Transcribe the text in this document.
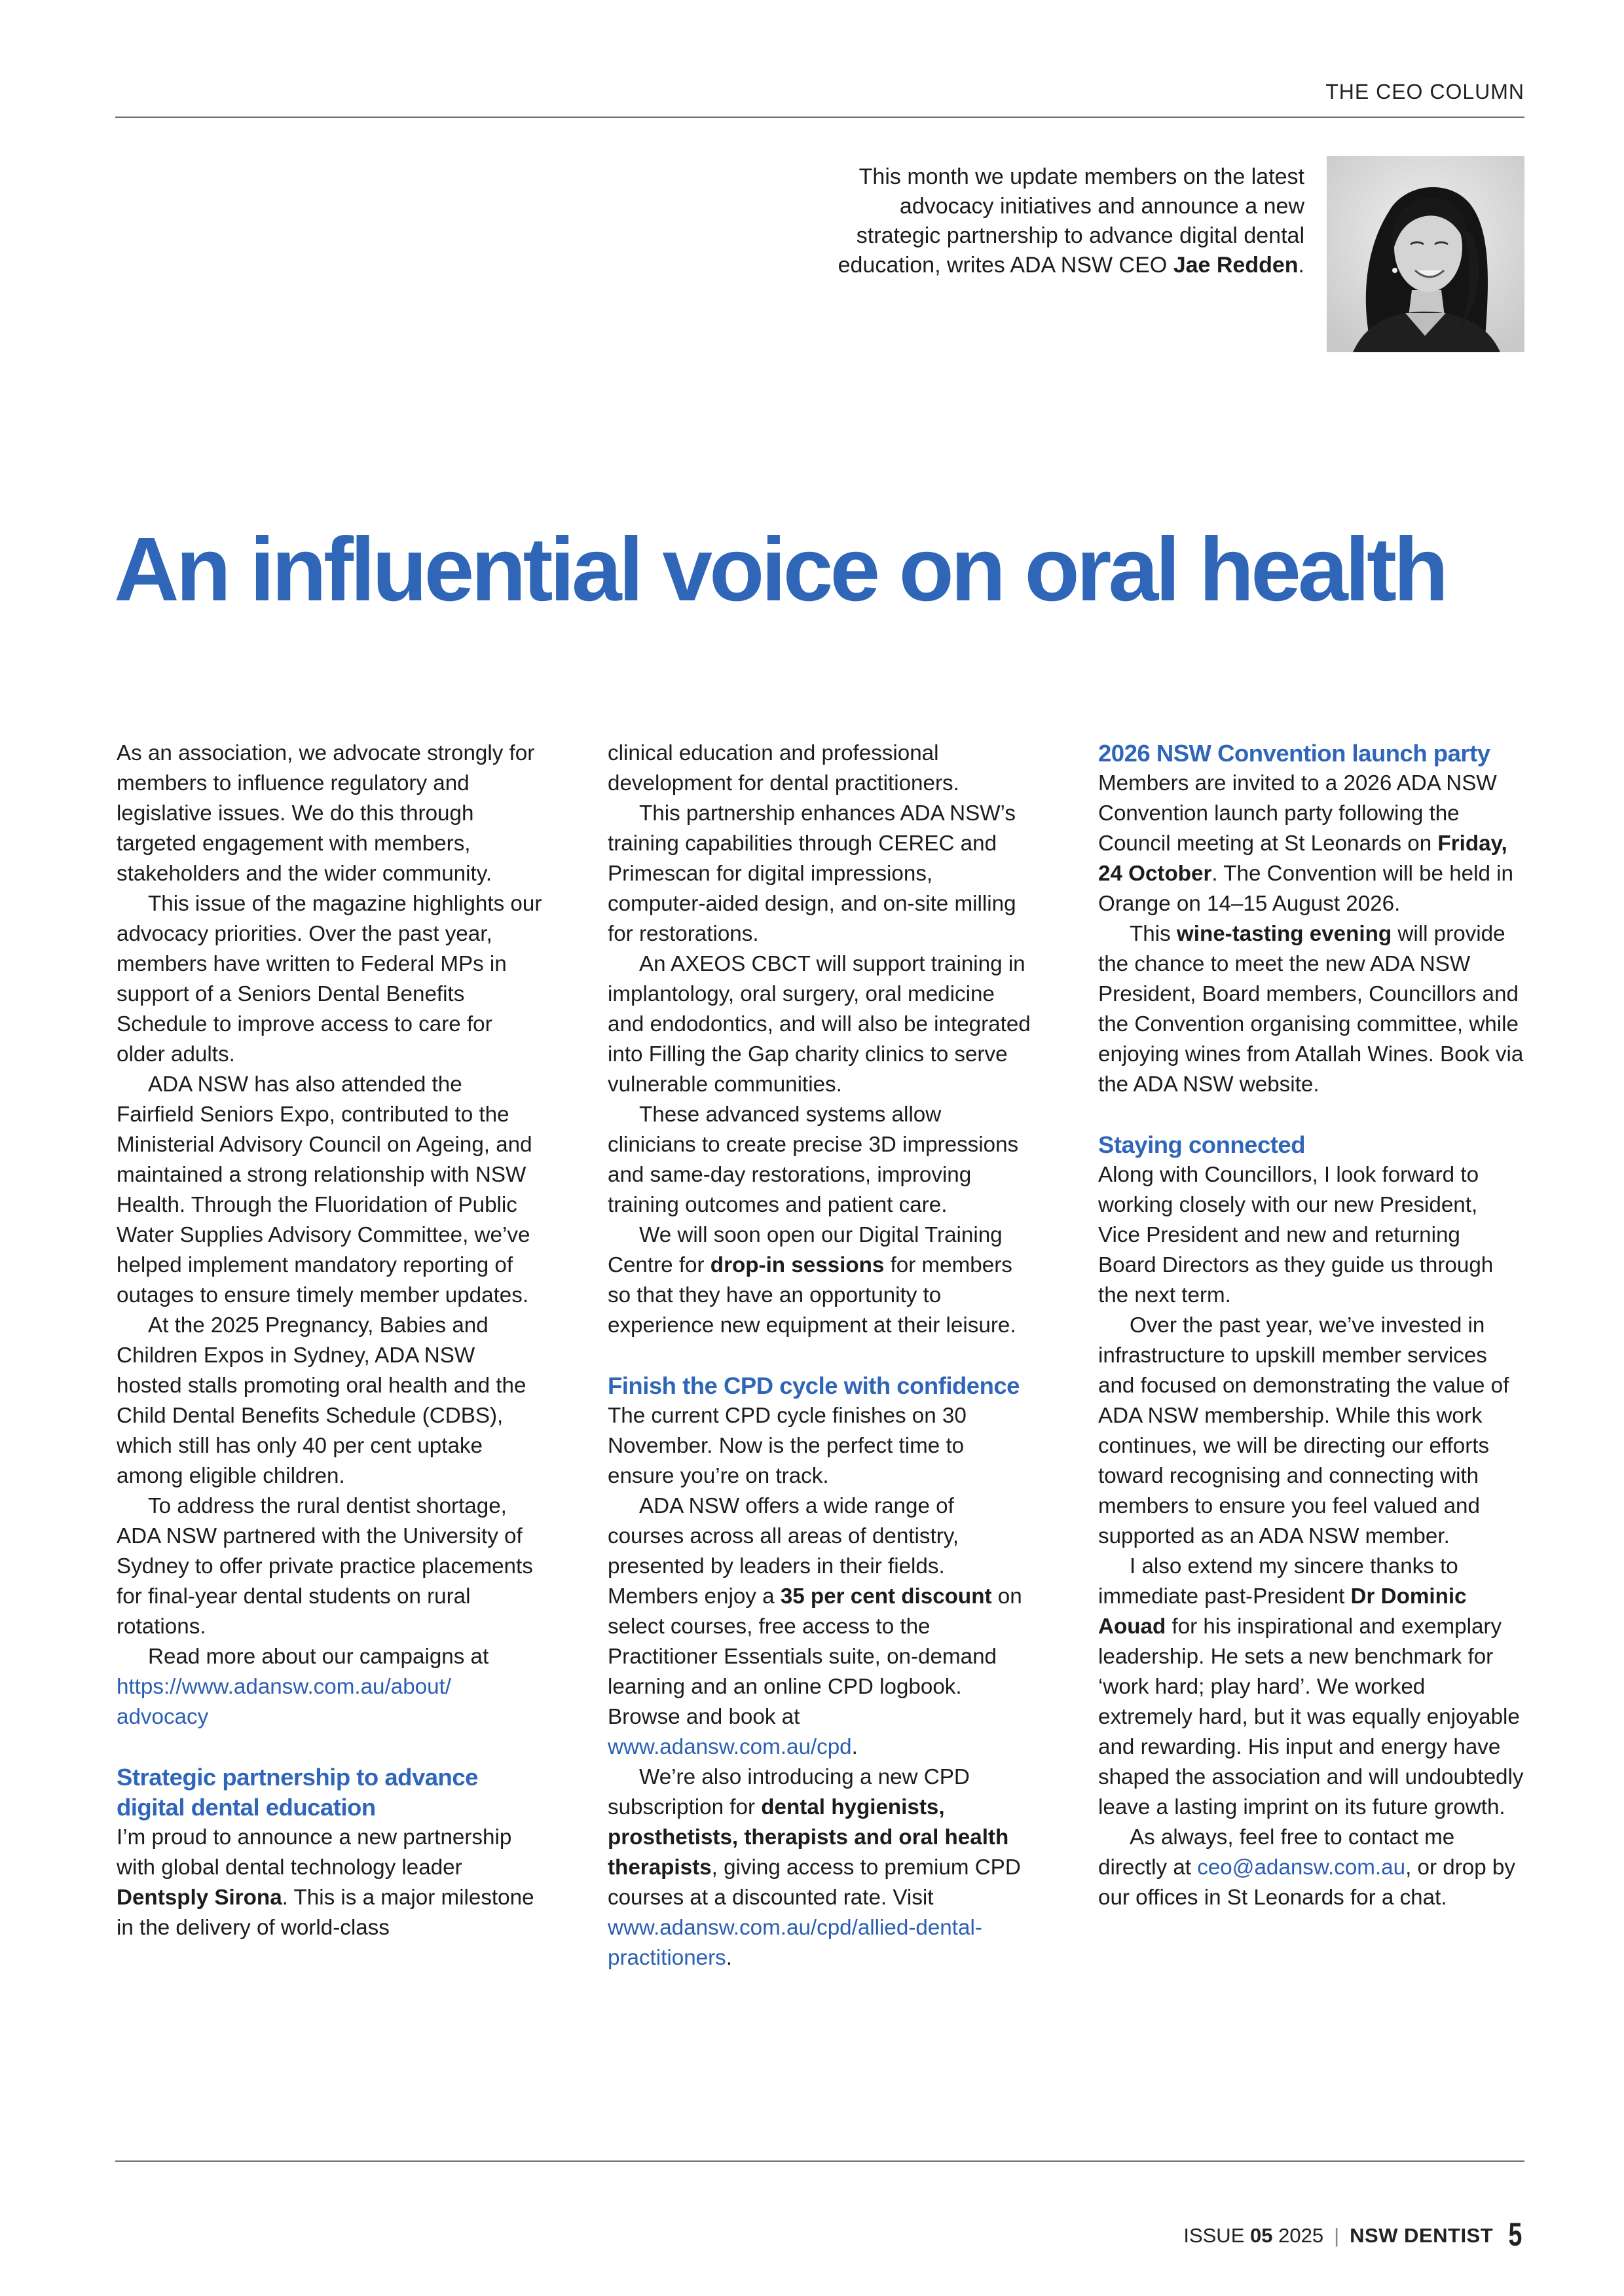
THE CEO COLUMN
This month we update members on the latest
advocacy initiatives and announce a new
strategic partnership to advance digital dental
education, writes ADA NSW CEO Jae Redden.
An influential voice on oral health

As an association, we advocate strongly for members to influence regulatory and legislative issues. We do this through targeted engagement with members, stakeholders and the wider community.

This issue of the magazine highlights our advocacy priorities. Over the past year, members have written to Federal MPs in support of a Seniors Dental Benefits Schedule to improve access to care for older adults.

ADA NSW has also attended the Fairfield Seniors Expo, contributed to the Ministerial Advisory Council on Ageing, and maintained a strong relationship with NSW Health. Through the Fluoridation of Public Water Supplies Advisory Committee, we’ve helped implement mandatory reporting of outages to ensure timely member updates.

At the 2025 Pregnancy, Babies and Children Expos in Sydney, ADA NSW hosted stalls promoting oral health and the Child Dental Benefits Schedule (CDBS), which still has only 40 per cent uptake among eligible children.

To address the rural dentist shortage, ADA NSW partnered with the University of Sydney to offer private practice placements for final-year dental students on rural rotations.

Read more about our campaigns at https://www.adansw.com.au/about/
advocacy

Strategic partnership to advance digital dental education

I’m proud to announce a new partnership with global dental technology leader Dentsply Sirona. This is a major milestone in the delivery of world-class

clinical education and professional development for dental practitioners.

This partnership enhances ADA NSW’s training capabilities through CEREC and Primescan for digital impressions, computer-aided design, and on-site milling for restorations.

An AXEOS CBCT will support training in implantology, oral surgery, oral medicine and endodontics, and will also be integrated into Filling the Gap charity clinics to serve vulnerable communities.

These advanced systems allow clinicians to create precise 3D impressions and same-day restorations, improving training outcomes and patient care.

We will soon open our Digital Training Centre for drop-in sessions for members so that they have an opportunity to experience new equipment at their leisure.

Finish the CPD cycle with confidence

The current CPD cycle finishes on 30 November. Now is the perfect time to ensure you’re on track.

ADA NSW offers a wide range of courses across all areas of dentistry, presented by leaders in their fields. Members enjoy a 35 per cent discount on select courses, free access to the Practitioner Essentials suite, on-demand learning and an online CPD logbook. Browse and book at www.adansw.com.au/cpd.

We’re also introducing a new CPD subscription for dental hygienists, prosthetists, therapists and oral health therapists, giving access to premium CPD courses at a discounted rate. Visit www.adansw.com.au/cpd/allied-dental-practitioners.

2026 NSW Convention launch party

Members are invited to a 2026 ADA NSW Convention launch party following the Council meeting at St Leonards on Friday, 24 October. The Convention will be held in Orange on 14–15 August 2026.

This wine-tasting evening will provide the chance to meet the new ADA NSW President, Board members, Councillors and the Convention organising committee, while enjoying wines from Atallah Wines. Book via the ADA NSW website.

Staying connected

Along with Councillors, I look forward to working closely with our new President, Vice President and new and returning Board Directors as they guide us through the next term.

Over the past year, we’ve invested in infrastructure to upskill member services and focused on demonstrating the value of ADA NSW membership. While this work continues, we will be directing our efforts toward recognising and connecting with members to ensure you feel valued and supported as an ADA NSW member.

I also extend my sincere thanks to immediate past-President Dr Dominic Aouad for his inspirational and exemplary leadership. He sets a new benchmark for ‘work hard; play hard’. We worked extremely hard, but it was equally enjoyable and rewarding. His input and energy have shaped the association and will undoubtedly leave a lasting imprint on its future growth.

As always, feel free to contact me directly at ceo@adansw.com.au, or drop by our offices in St Leonards for a chat.

ISSUE 05 2025 | NSW DENTIST 5
